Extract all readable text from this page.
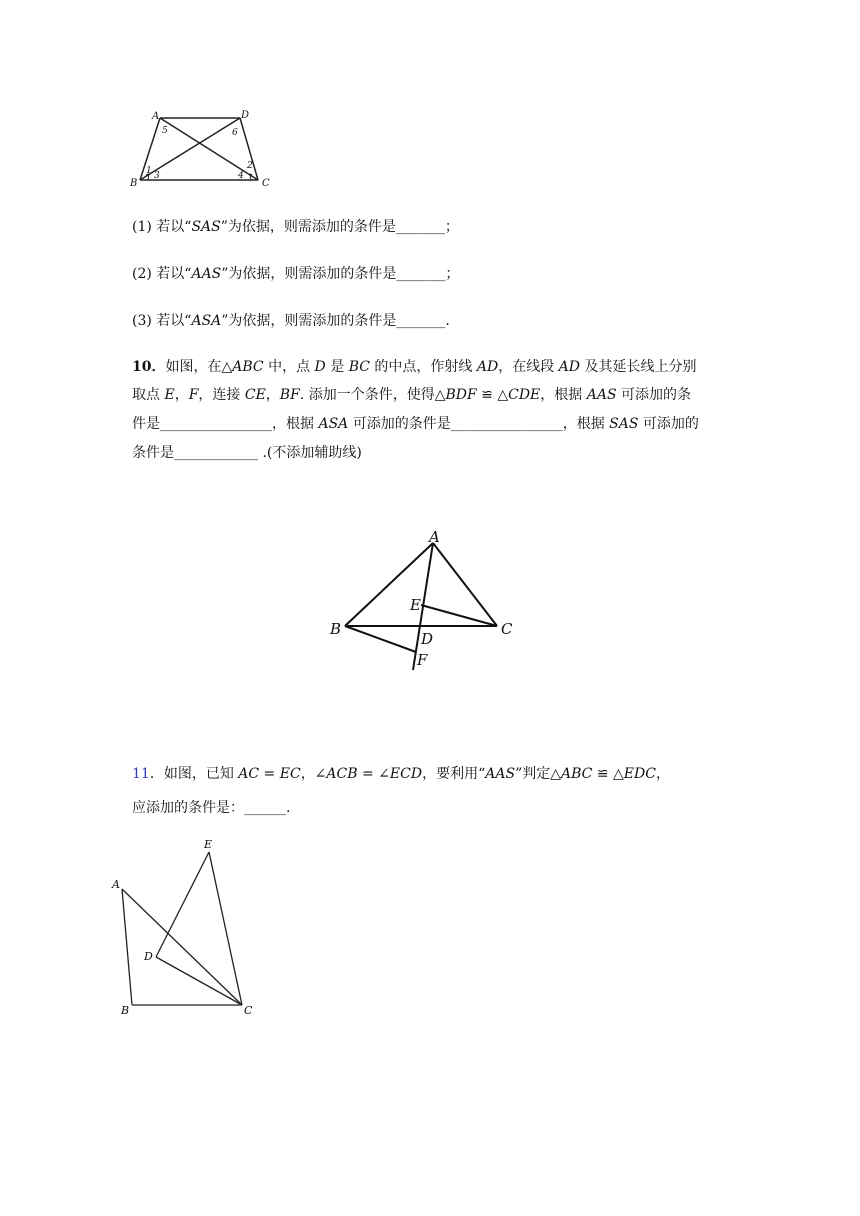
A	D
B	C
5	6
1 3
2
4
(1) 若以“SAS”为依据，则需添加的条件是_______；
(2) 若以“AAS”为依据，则需添加的条件是_______；
(3) 若以“ASA”为依据，则需添加的条件是_______.
10．如图，在△ABC 中，点 D 是 BC 的中点，作射线 AD，在线段 AD 及其延长线上分别
取点 E，F，连接 CE，BF. 添加一个条件，使得△BDF ≌ △CDE，根据 AAS 可添加的条
件是________________，根据 ASA 可添加的条件是________________，根据 SAS 可添加的
条件是____________ .(不添加辅助线)
A
E
B
D
C
F
11．如图，已知 AC = EC，∠ACB = ∠ECD，要利用“AAS”判定△ABC ≌ △EDC，
应添加的条件是：______.
E
A
D
B	C
